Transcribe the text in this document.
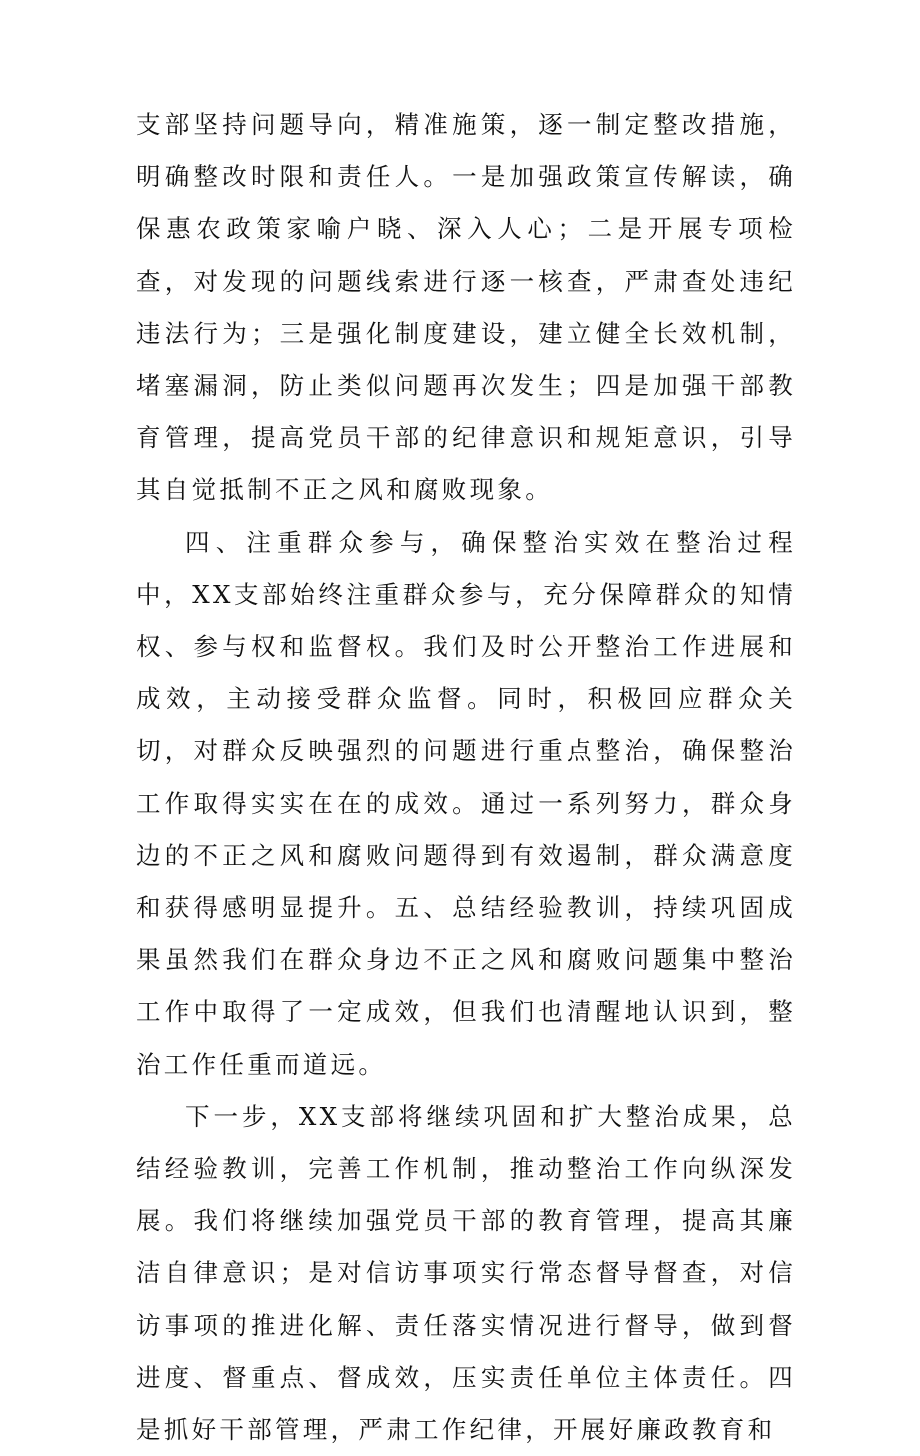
支部坚持问题导向，精准施策，逐一制定整改措施，明确整改时限和责任人。一是加强政策宣传解读，确保惠农政策家喻户晓、深入人心；二是开展专项检查，对发现的问题线索进行逐一核查，严肃查处违纪违法行为；三是强化制度建设，建立健全长效机制，堵塞漏洞，防止类似问题再次发生；四是加强干部教育管理，提高党员干部的纪律意识和规矩意识，引导其自觉抵制不正之风和腐败现象。

四、注重群众参与，确保整治实效在整治过程中，XX支部始终注重群众参与，充分保障群众的知情权、参与权和监督权。我们及时公开整治工作进展和成效，主动接受群众监督。同时，积极回应群众关切，对群众反映强烈的问题进行重点整治，确保整治工作取得实实在在的成效。通过一系列努力，群众身边的不正之风和腐败问题得到有效遏制，群众满意度和获得感明显提升。五、总结经验教训，持续巩固成果虽然我们在群众身边不正之风和腐败问题集中整治工作中取得了一定成效，但我们也清醒地认识到，整治工作任重而道远。

下一步，XX支部将继续巩固和扩大整治成果，总结经验教训，完善工作机制，推动整治工作向纵深发展。我们将继续加强党员干部的教育管理，提高其廉洁自律意识；是对信访事项实行常态督导督查，对信访事项的推进化解、责任落实情况进行督导，做到督进度、督重点、督成效，压实责任单位主体责任。四是抓好干部管理，严肃工作纪律，开展好廉政教育和
